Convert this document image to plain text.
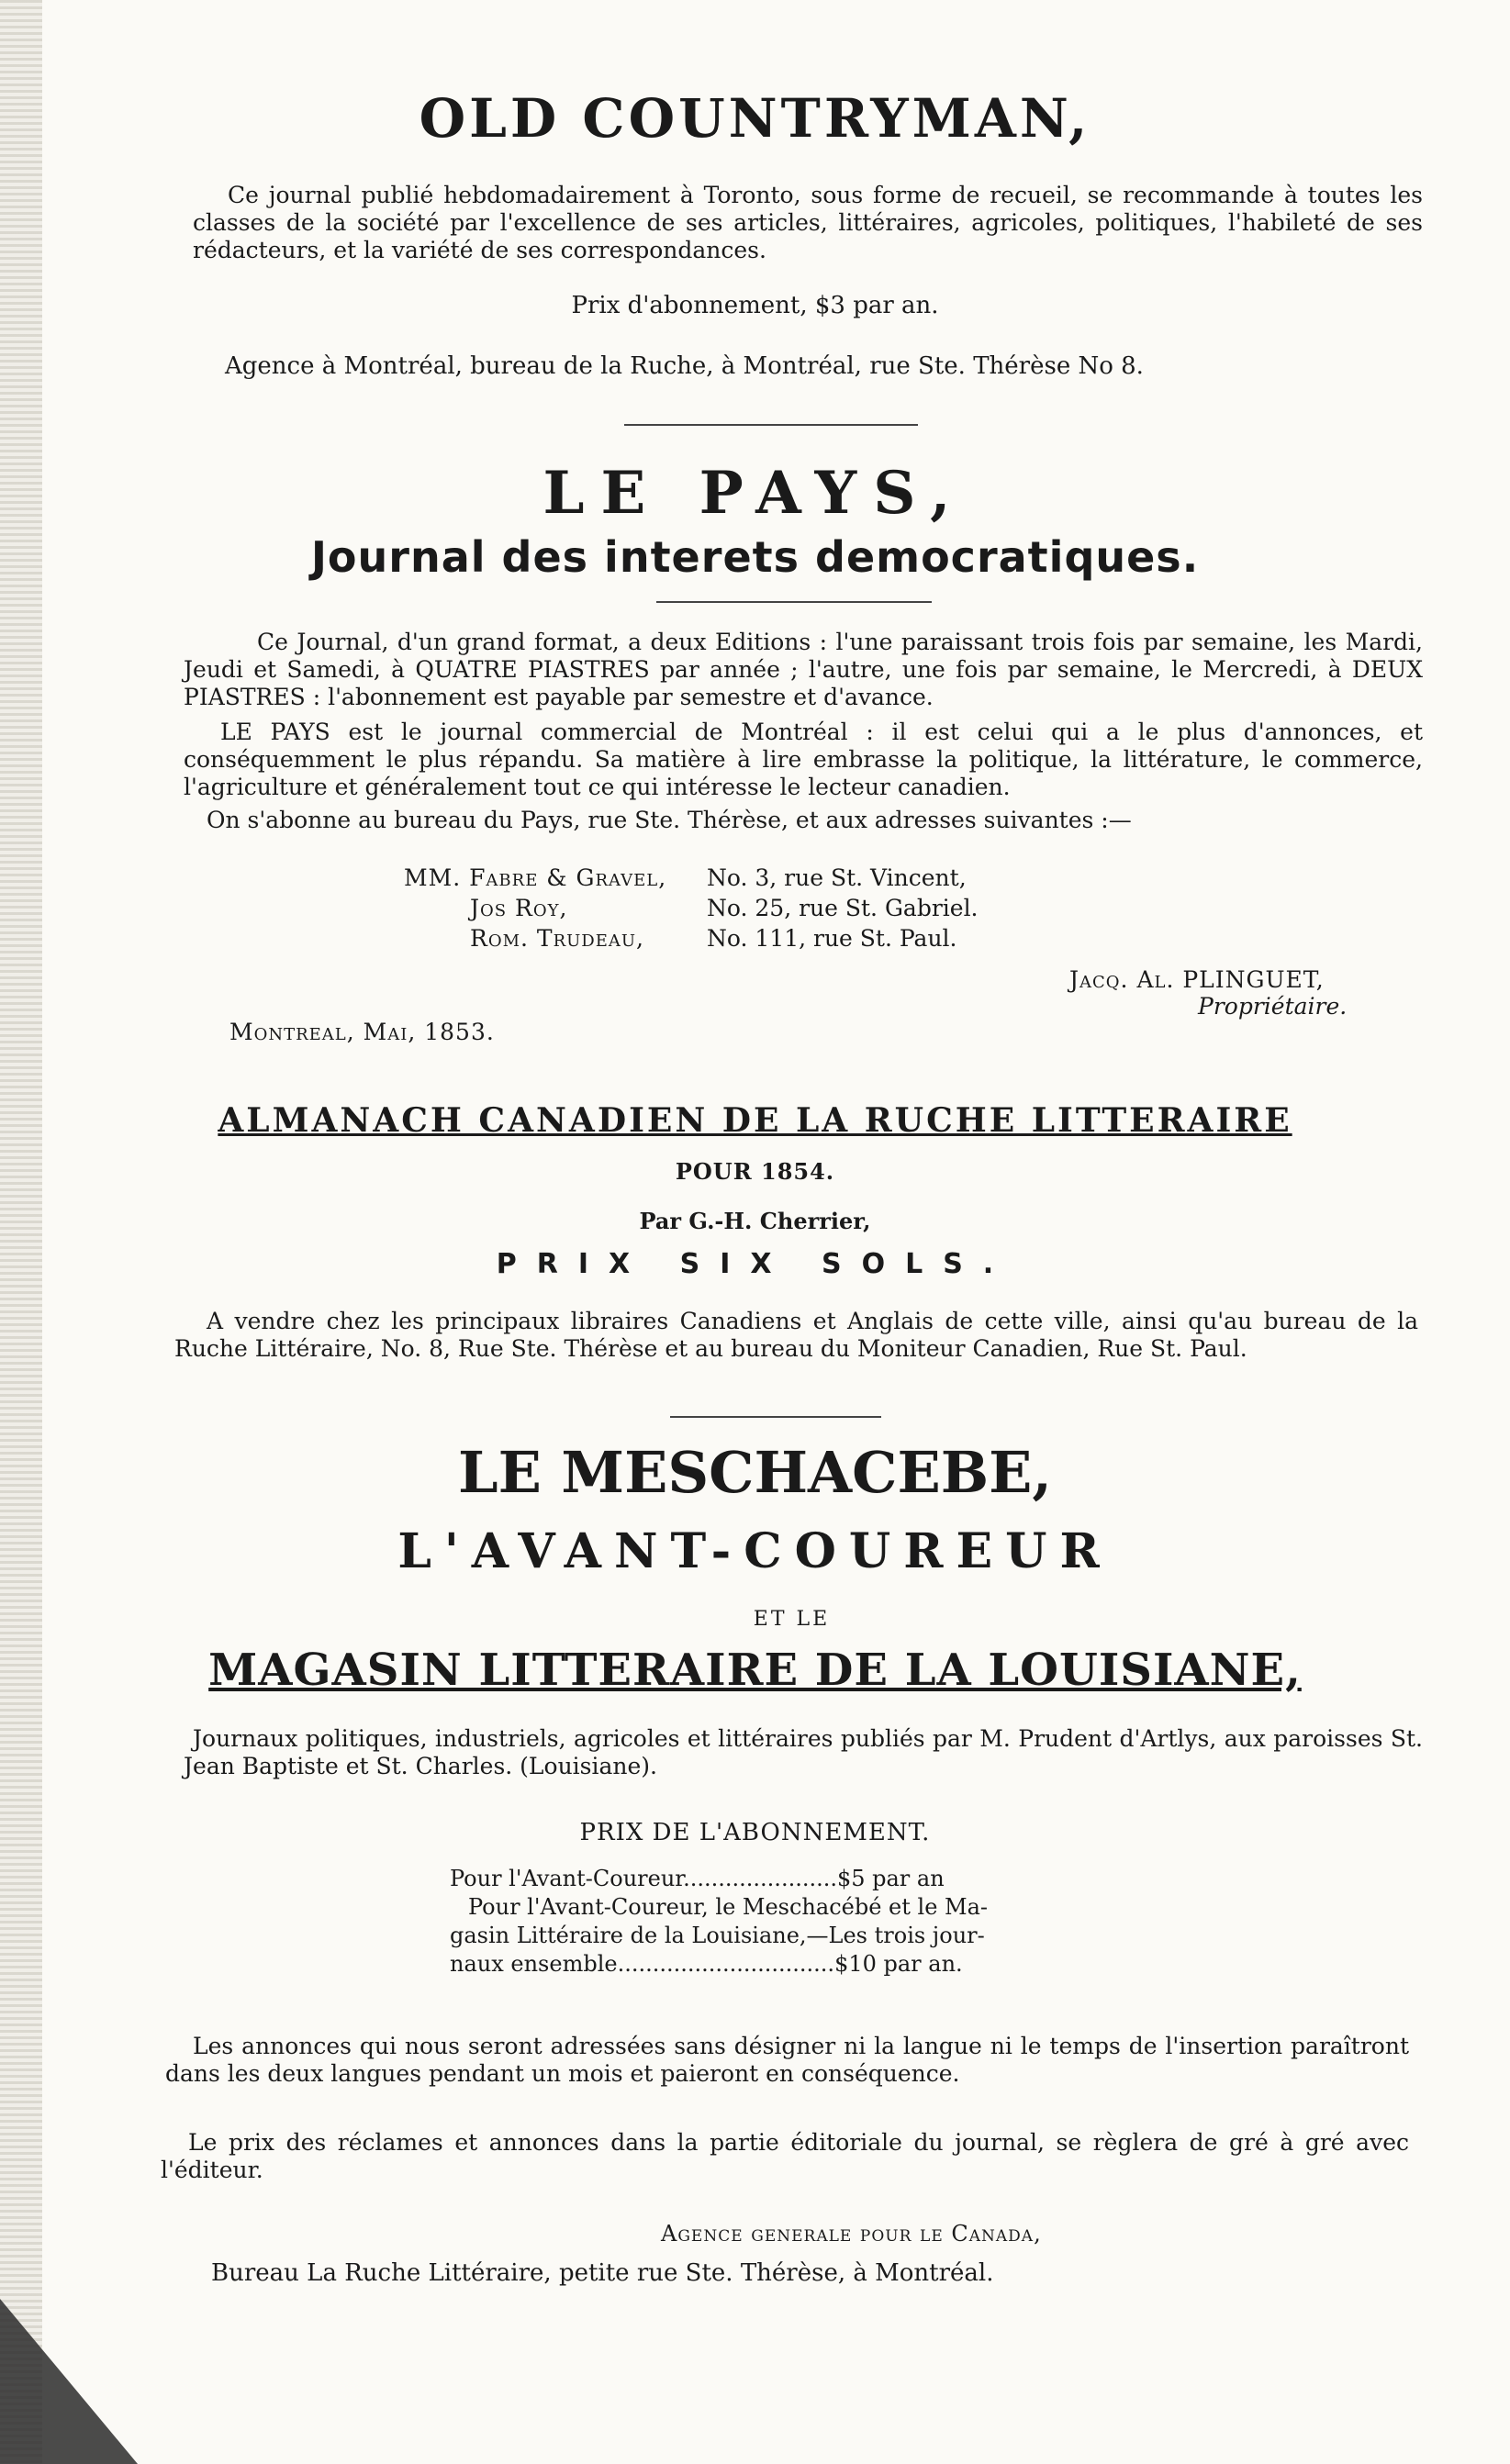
OLD COUNTRYMAN,

Ce journal publié hebdomadairement à Toronto, sous forme de recueil, se recommande à toutes les classes de la société par l'excellence de ses articles, littéraires, agricoles, politiques, l'habileté de ses rédacteurs, et la variété de ses correspondances.

Prix d'abonnement, $3 par an.

Agence à Montréal, bureau de la Ruche, à Montréal, rue Ste. Thérèse No 8.

LE PAYS,
Journal des interets democratiques.

Ce Journal, d'un grand format, a deux Editions : l'une paraissant trois fois par semaine, les Mardi, Jeudi et Samedi, à QUATRE PIASTRES par année ; l'autre, une fois par semaine, le Mercredi, à DEUX PIASTRES : l'abonnement est payable par semestre et d'avance.

LE PAYS est le journal commercial de Montréal : il est celui qui a le plus d'annonces, et conséquemment le plus répandu. Sa matière à lire embrasse la politique, la littérature, le commerce, l'agriculture et généralement tout ce qui intéresse le lecteur canadien.

On s'abonne au bureau du Pays, rue Ste. Thérèse, et aux adresses suivantes :—

MM. Fabre & Gravel, No. 3, rue St. Vincent,
Jos Roy,	No. 25, rue St. Gabriel.
Rom. Trudeau,	No. 111, rue St. Paul.
Jacq. Al. PLINGUET,
Propriétaire.
Montreal, Mai, 1853.
ALMANACH CANADIEN DE LA RUCHE LITTERAIRE
POUR 1854.
Par G.-H. Cherrier,
PRIX SIX SOLS.

A vendre chez les principaux libraires Canadiens et Anglais de cette ville, ainsi qu'au bureau de la Ruche Littéraire, No. 8, Rue Ste. Thérèse et au bureau du Moniteur Canadien, Rue St. Paul.

LE MESCHACEBE,
L'AVANT-COUREUR
ET LE
MAGASIN LITTERAIRE DE LA LOUISIANE,

Journaux politiques, industriels, agricoles et littéraires publiés par M. Prudent d'Artlys, aux paroisses St. Jean Baptiste et St. Charles. (Louisiane).

PRIX DE L'ABONNEMENT.
Pour l'Avant-Coureur......................$5 par an
Pour l'Avant-Coureur, le Meschacébé et le Ma-
gasin Littéraire de la Louisiane,—Les trois jour-
naux ensemble...............................$10 par an.

Les annonces qui nous seront adressées sans désigner ni la langue ni le temps de l'insertion paraîtront dans les deux langues pendant un mois et paieront en conséquence.

Le prix des réclames et annonces dans la partie éditoriale du journal, se règlera de gré à gré avec l'éditeur.

Agence generale pour le Canada,
Bureau La Ruche Littéraire, petite rue Ste. Thérèse, à Montréal.
